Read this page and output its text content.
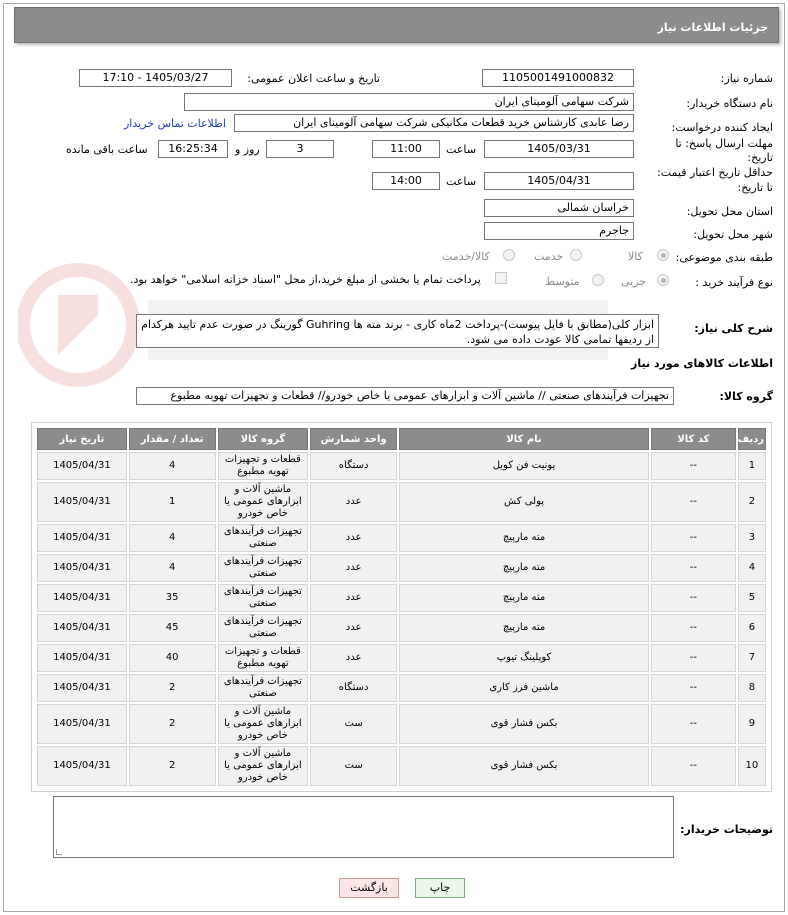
جزئیات اطلاعات نیاز
شماره نیاز:
1105001491000832
تاریخ و ساعت اعلان عمومی:
1405/03/27 - 17:10
نام دستگاه خریدار:
شرکت سهامی آلومینای ایران
ایجاد کننده درخواست:
رضا عابدی کارشناس خرید قطعات مکانیکی شرکت سهامی آلومینای ایران
اطلاعات تماس خریدار
مهلت ارسال پاسخ: تا
تاریخ:
1405/03/31
ساعت
11:00
3
روز و
16:25:34
ساعت باقی مانده
حداقل تاریخ اعتبار قیمت:
تا تاریخ:
1405/04/31
ساعت
14:00
استان محل تحویل:
خراسان شمالی
شهر محل تحویل:
جاجرم
طبقه بندی موضوعی:
کالا
خدمت
کالا/خدمت
نوع فرآیند خرید :
جزیی
متوسط
پرداخت تمام یا بخشی از مبلغ خرید،از محل "اسناد خزانه اسلامی" خواهد بود.
شرح کلی نیاز:
ابزار کلی(مطابق با فایل پیوست)-پرداخت 2ماه کاری - برند مته ها Guhring گورینگ در صورت عدم تایید هرکدام از ردیفها تمامی کالا عودت داده می شود.
اطلاعات کالاهای مورد نیاز
گروه کالا:
تجهیزات فرآیندهای صنعتی // ماشین آلات و ابزارهای عمومی یا خاص خودرو// قطعات و تجهیزات تهویه مطبوع
ردیف	کد کالا	نام کالا	واحد شمارش	گروه کالا	تعداد / مقدار	تاریخ نیاز
1	--	یونیت فن کویل	دستگاه	قطعات و تجهیزات تهویه مطبوع	4	1405/04/31
2	--	پولی کش	عدد	ماشین آلات و ابزارهای عمومی یا خاص خودرو	1	1405/04/31
3	--	مته مارپیچ	عدد	تجهیزات فرآیندهای صنعتی	4	1405/04/31
4	--	مته مارپیچ	عدد	تجهیزات فرآیندهای صنعتی	4	1405/04/31
5	--	مته مارپیچ	عدد	تجهیزات فرآیندهای صنعتی	35	1405/04/31
6	--	مته مارپیچ	عدد	تجهیزات فرآیندهای صنعتی	45	1405/04/31
7	--	کوپلینگ تیوپ	عدد	قطعات و تجهیزات تهویه مطبوع	40	1405/04/31
8	--	ماشین فرز کاری	دستگاه	تجهیزات فرآیندهای صنعتی	2	1405/04/31
9	--	بکس فشار قوی	ست	ماشین آلات و ابزارهای عمومی یا خاص خودرو	2	1405/04/31
10	--	بکس فشار قوی	ست	ماشین آلات و ابزارهای عمومی یا خاص خودرو	2	1405/04/31
توضیحات خریدار:
چاپ
بازگشت
